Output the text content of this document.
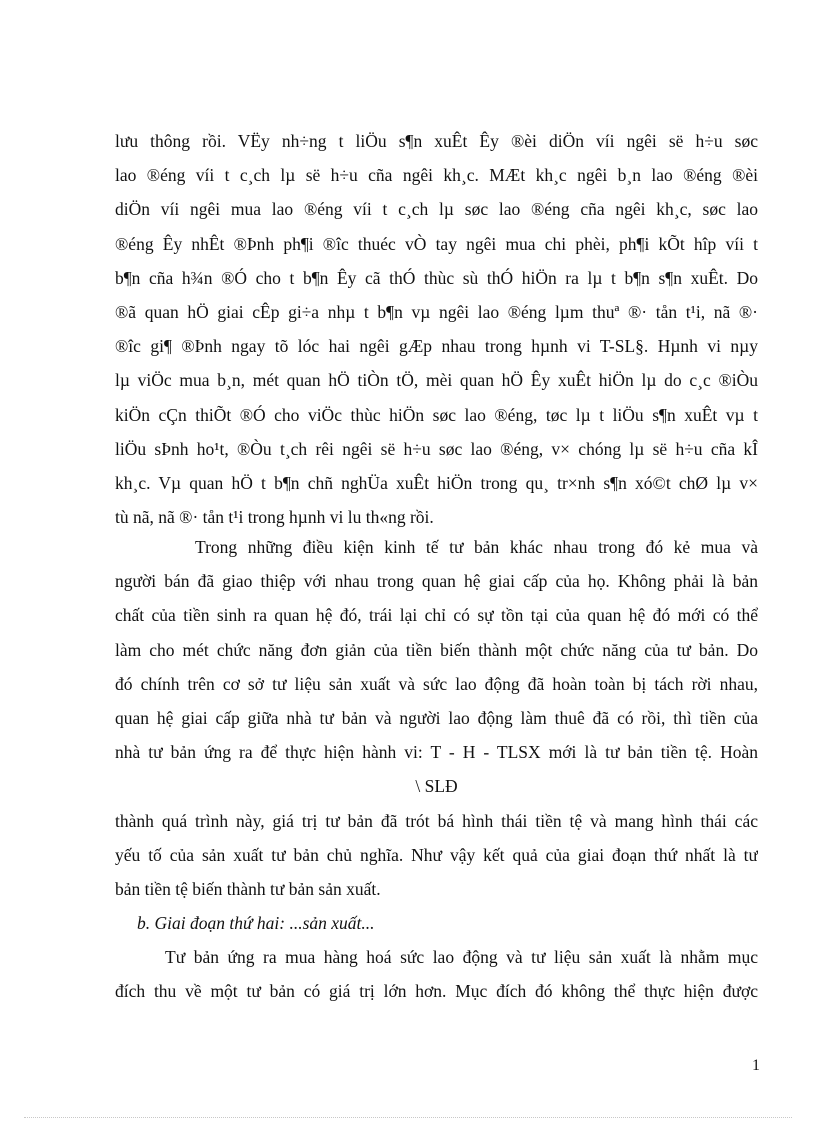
lưu thông rồi. VËy nh÷ng t liÖu s¶n xuÊt Êy ®èi diÖn víi ngêi së h÷u søc
lao ®éng víi t c¸ch lµ së h÷u cña ngêi kh¸c. MÆt kh¸c ngêi b¸n lao ®éng ®èi
diÖn víi ngêi mua lao ®éng víi t c¸ch lµ søc lao ®éng cña ngêi kh¸c, søc lao
®éng Êy nhÊt ®Þnh ph¶i ®îc thuéc vÒ tay ngêi mua chi phèi, ph¶i kÕt hîp víi t
b¶n cña h¾n ®Ó cho t b¶n Êy cã thÓ thùc sù thÓ hiÖn ra lµ t b¶n s¶n xuÊt. Do
®ã quan hÖ giai cÊp gi÷a nhµ t b¶n vµ ngêi lao ®éng lµm thuª ®· tån t¹i, nã ®·
®îc gi¶ ®Þnh ngay tõ lóc hai ngêi gÆp nhau trong hµnh vi T-SL§. Hµnh vi nµy
lµ viÖc mua b¸n, mét quan hÖ tiÒn tÖ, mèi quan hÖ Êy xuÊt hiÖn lµ do c¸c ®iÒu
kiÖn cÇn thiÕt ®Ó cho viÖc thùc hiÖn søc lao ®éng, tøc lµ t liÖu s¶n xuÊt vµ t
liÖu sÞnh ho¹t, ®Òu t¸ch rêi ngêi së h÷u søc lao ®éng, v× chóng lµ së h÷u cña kÎ
kh¸c. Vµ quan hÖ t b¶n chñ nghÜa xuÊt hiÖn trong qu¸ tr×nh s¶n xó©t chØ lµ v×
tù nã, nã ®· tån t¹i trong hµnh vi lu th«ng rồi.
Trong những điều kiện kinh tế tư bản khác nhau trong đó kẻ mua và
người bán đã giao thiệp với nhau trong quan hệ giai cấp của họ. Không phải là bản
chất của tiền sinh ra quan hệ đó, trái lại chỉ có sự tồn tại của quan hệ đó mới có thể
làm cho mét chức năng đơn giản của tiền biến thành một chức năng của tư bản. Do
đó chính trên cơ sở tư liệu sản xuất và sức lao động đã hoàn toàn bị tách rời nhau,
quan hệ giai cấp giữa nhà tư bản và người lao động làm thuê đã có rồi, thì tiền của
nhà tư bản ứng ra để thực hiện hành vi: T - H - TLSX mới là tư bản tiền tệ. Hoàn
\ SLĐ
thành quá trình này, giá trị tư bản đã trót bá hình thái tiền tệ và mang hình thái các
yếu tố của sản xuất tư bản chủ nghĩa. Như vậy kết quả của giai đoạn thứ nhất là tư
bản tiền tệ biến thành tư bản sản xuất.
b. Giai đoạn thứ hai: ...sản xuất...
Tư bản ứng ra mua hàng hoá sức lao động và tư liệu sản xuất là nhằm mục
đích thu về một tư bản có giá trị lớn hơn. Mục đích đó không thể thực hiện được
1
